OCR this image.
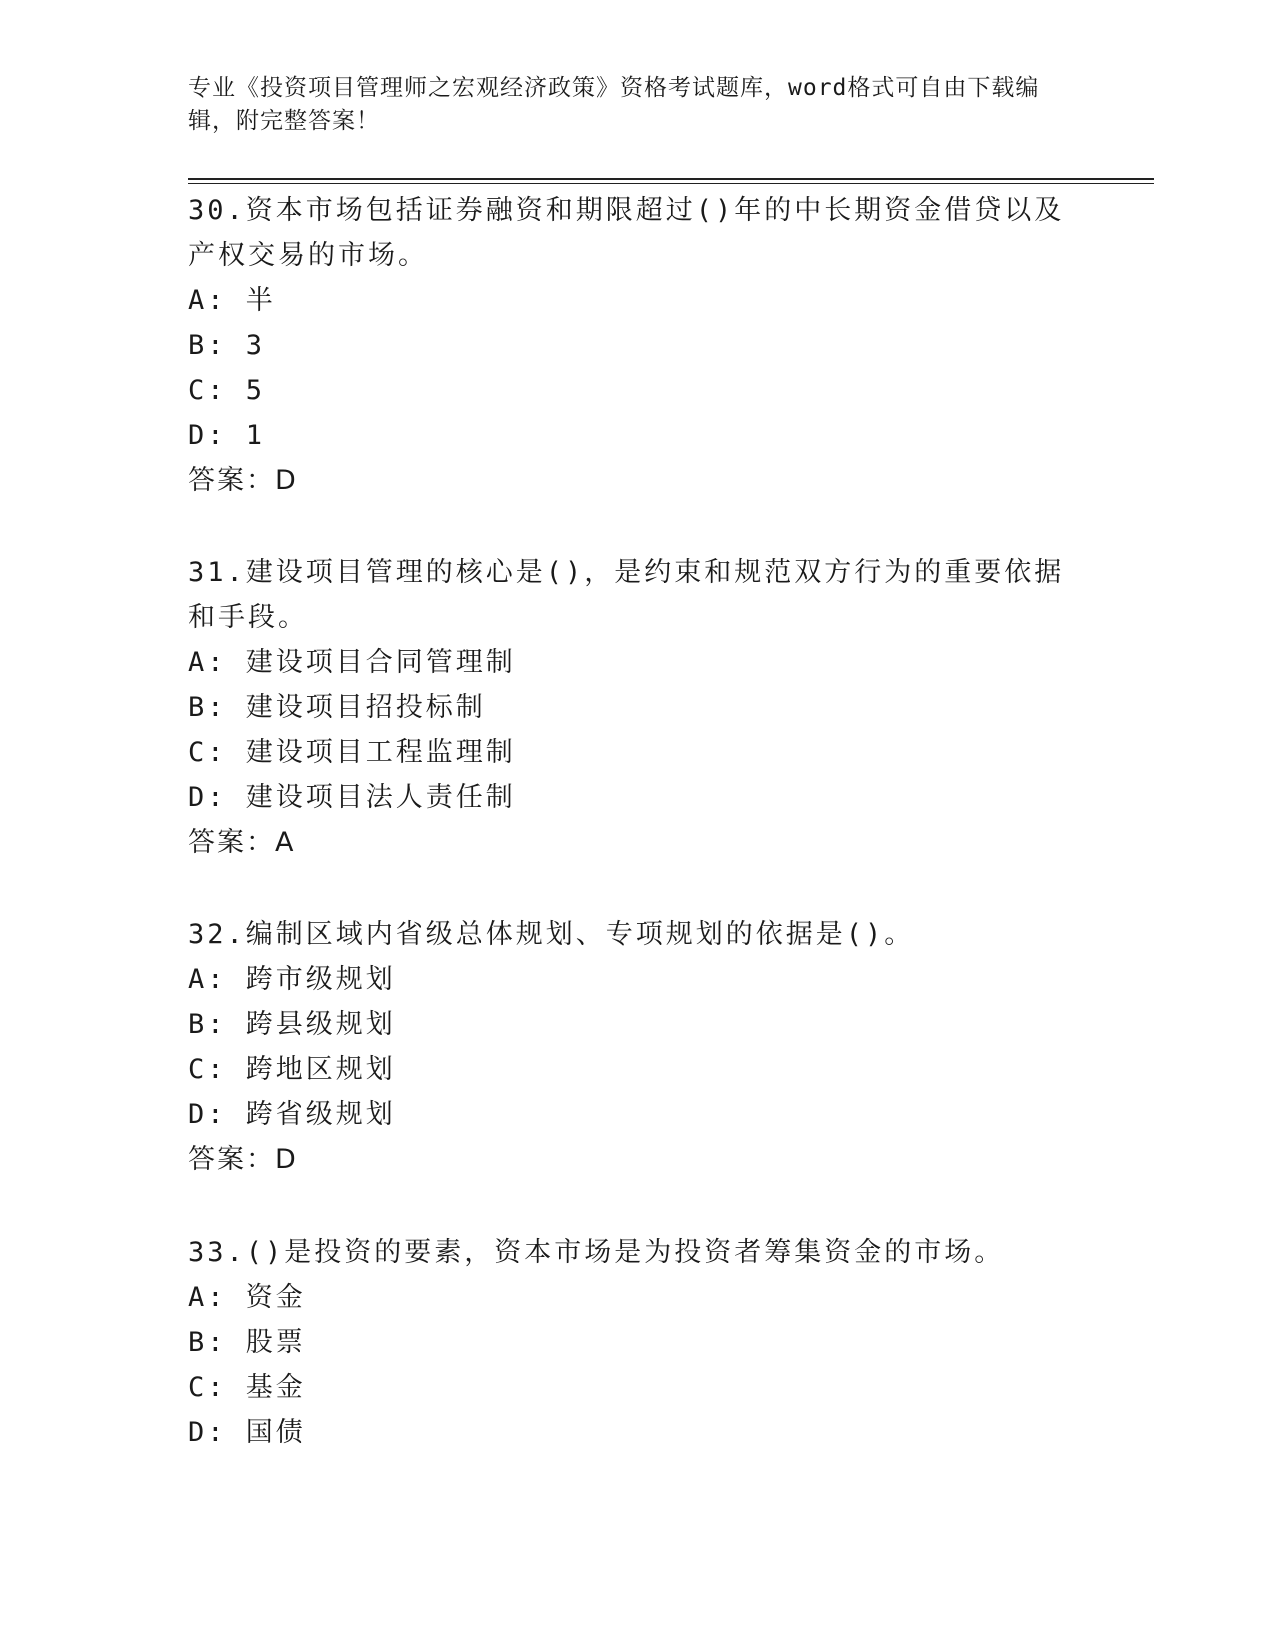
专业《投资项目管理师之宏观经济政策》资格考试题库，word格式可自由下载编辑，附完整答案！

30.资本市场包括证券融资和期限超过()年的中长期资金借贷以及产权交易的市场。

A: 半

B: 3

C: 5

D: 1

答案：D

31.建设项目管理的核心是()，是约束和规范双方行为的重要依据和手段。

A: 建设项目合同管理制

B: 建设项目招投标制

C: 建设项目工程监理制

D: 建设项目法人责任制

答案：A

32.编制区域内省级总体规划、专项规划的依据是()。

A: 跨市级规划

B: 跨县级规划

C: 跨地区规划

D: 跨省级规划

答案：D

33.()是投资的要素，资本市场是为投资者筹集资金的市场。

A: 资金

B: 股票

C: 基金

D: 国债
